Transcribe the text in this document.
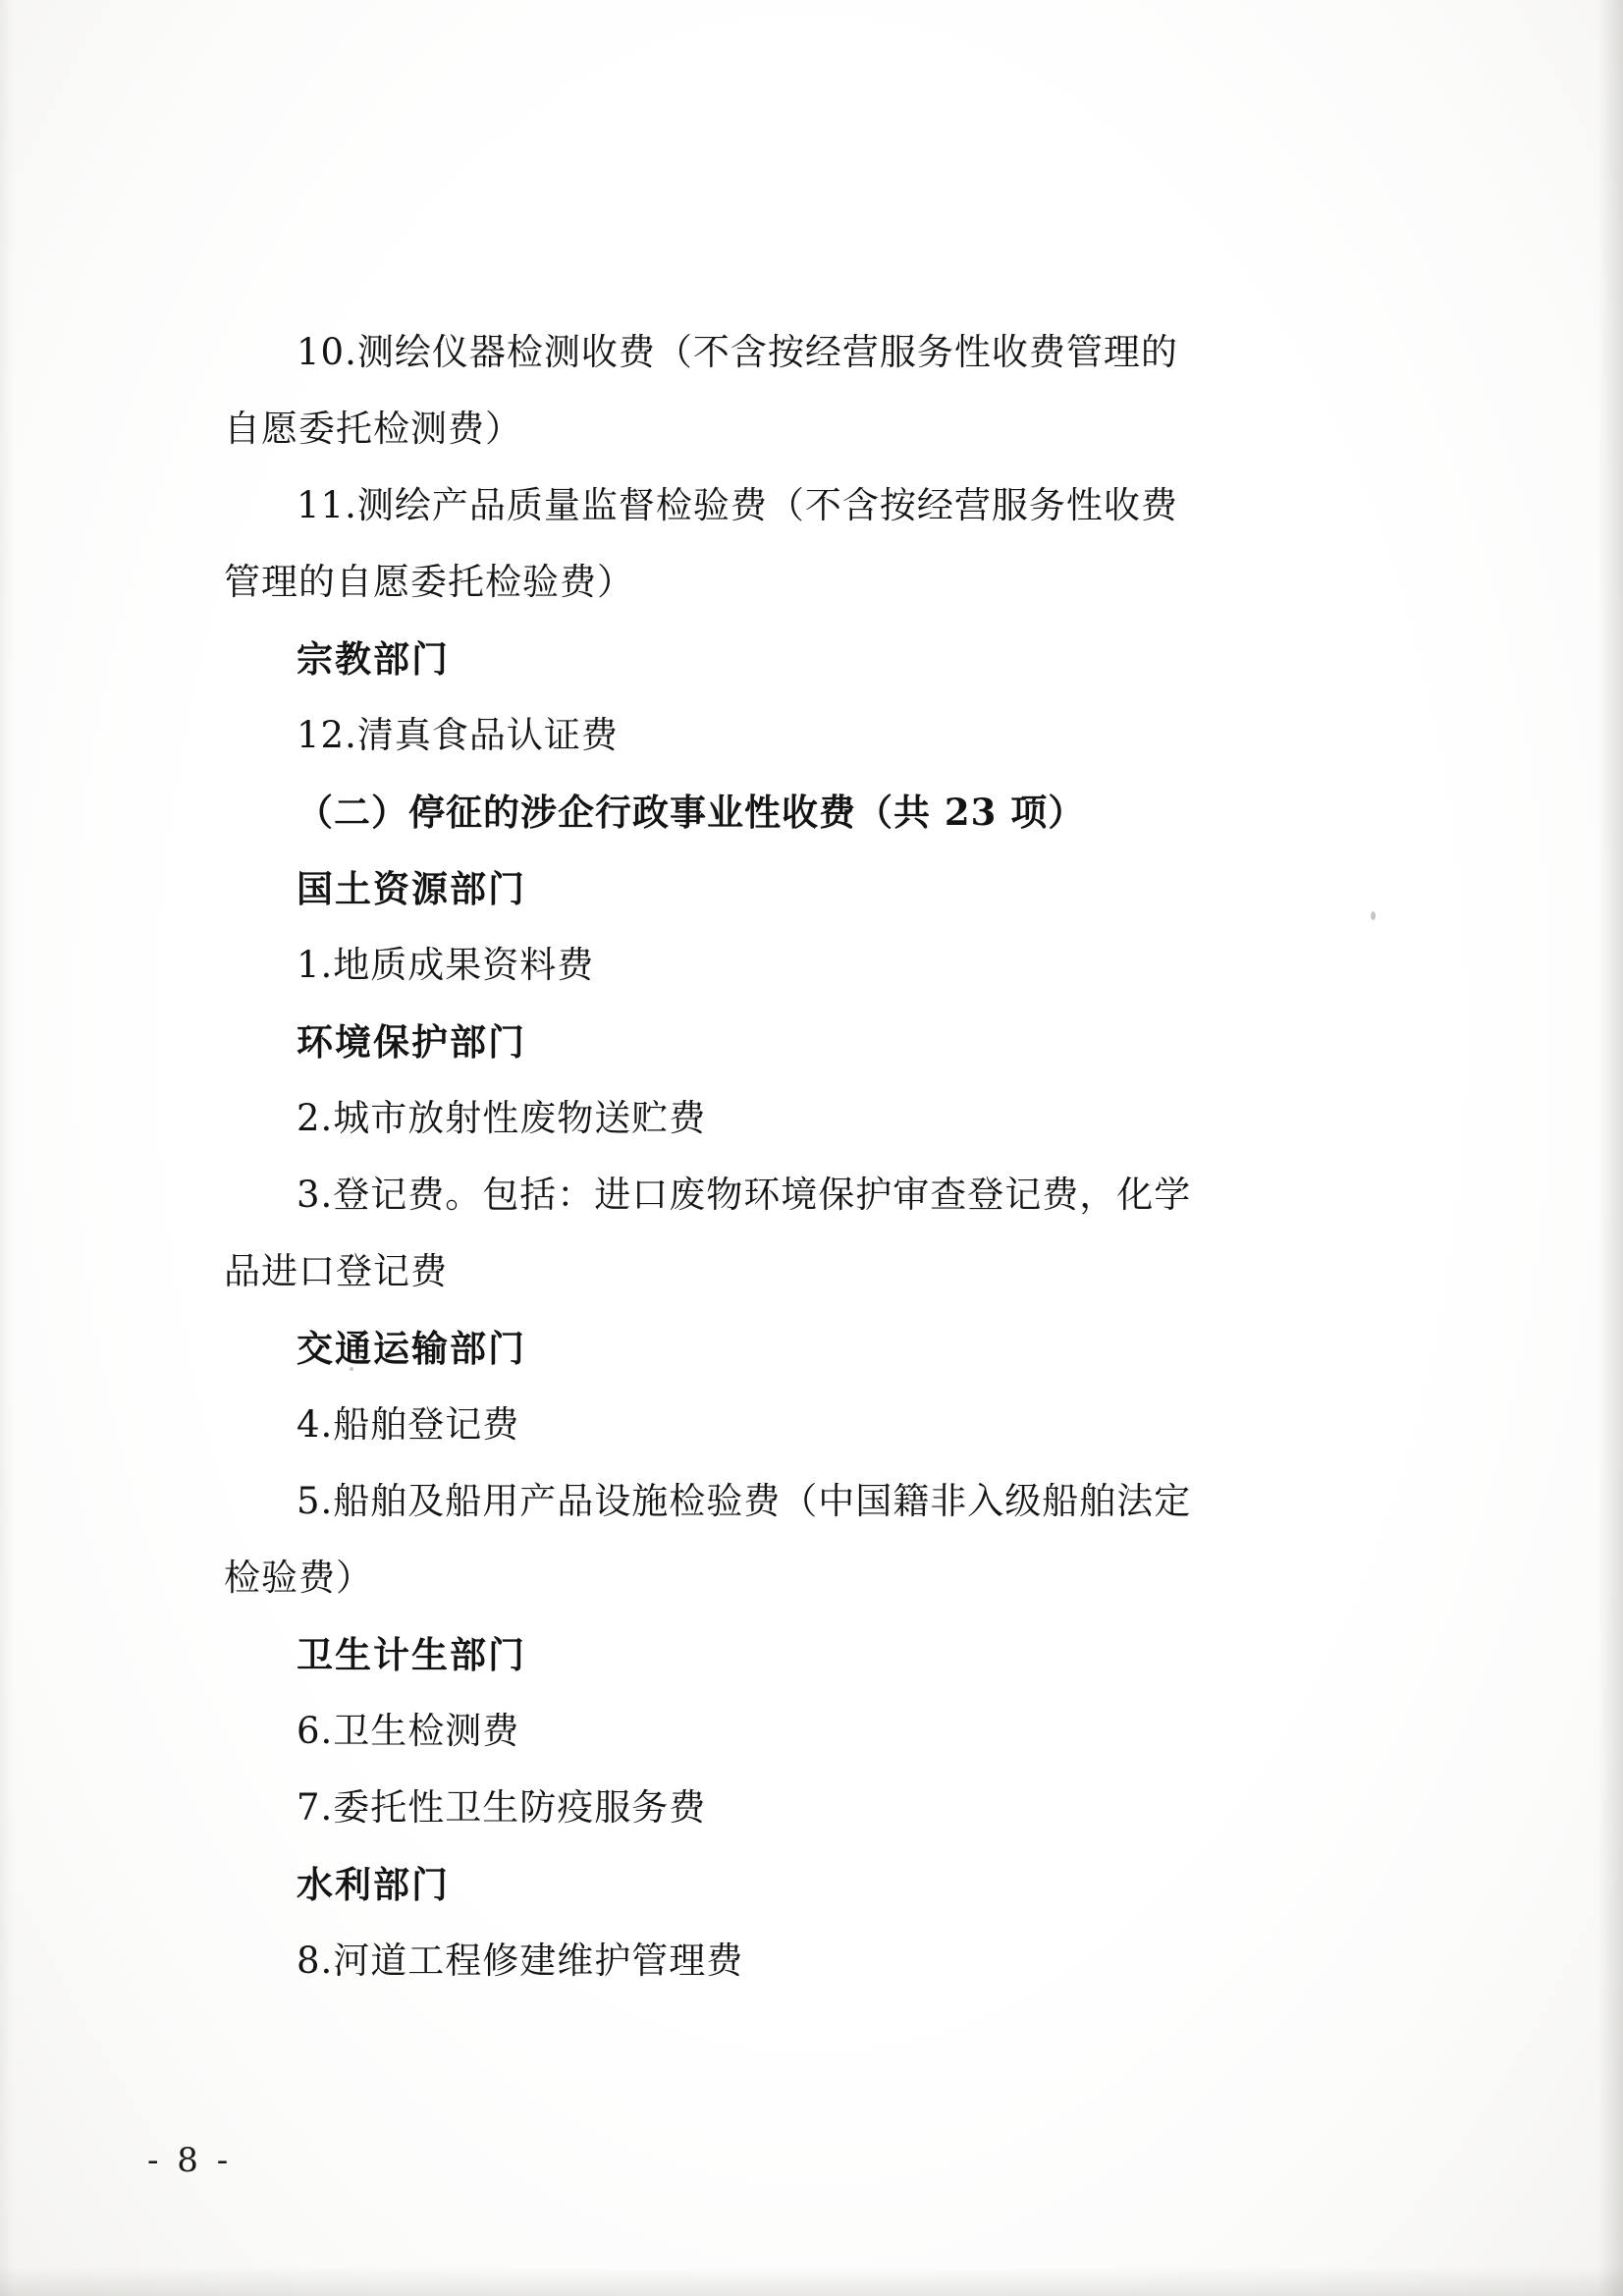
10.测绘仪器检测收费（不含按经营服务性收费管理的
自愿委托检测费）
11.测绘产品质量监督检验费（不含按经营服务性收费
管理的自愿委托检验费）
宗教部门
12.清真食品认证费
（二）停征的涉企行政事业性收费（共 23 项）
国土资源部门
1.地质成果资料费
环境保护部门
2.城市放射性废物送贮费
3.登记费。包括：进口废物环境保护审查登记费，化学
品进口登记费
交通运输部门
4.船舶登记费
5.船舶及船用产品设施检验费（中国籍非入级船舶法定
检验费）
卫生计生部门
6.卫生检测费
7.委托性卫生防疫服务费
水利部门
8.河道工程修建维护管理费
- 8 -
